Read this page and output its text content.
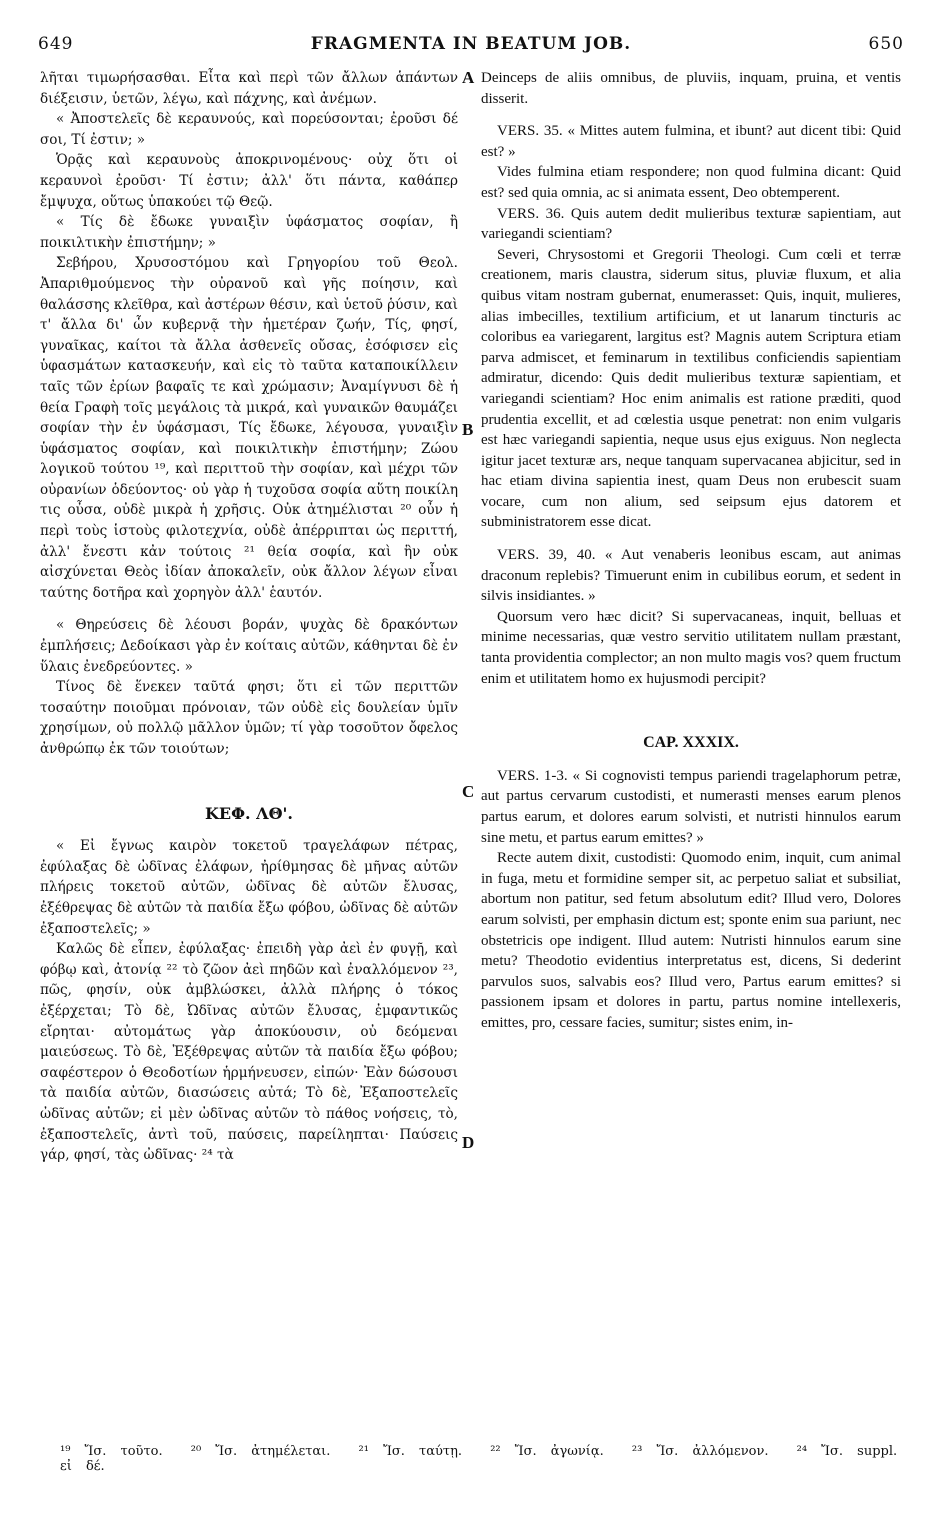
649	FRAGMENTA IN BEATUM JOB.	650
A
B
C
D

λῆται τιμωρήσασθαι. Εἶτα καὶ περὶ τῶν ἄλλων ἁπάντων διέξεισιν, ὑετῶν, λέγω, καὶ πάχνης, καὶ ἀνέμων.

« Ἀποστελεῖς δὲ κεραυνούς, καὶ πορεύσονται; ἐροῦσι δέ σοι, Τί ἐστιν; »

Ὁρᾷς καὶ κεραυνοὺς ἀποκρινομένους· οὐχ ὅτι οἱ κεραυνοὶ ἐροῦσι· Τί ἐστιν; ἀλλ' ὅτι πάντα, καθάπερ ἔμψυχα, οὕτως ὑπακούει τῷ Θεῷ.

« Τίς δὲ ἔδωκε γυναιξὶν ὑφάσματος σοφίαν, ἢ ποικιλτικὴν ἐπιστήμην; »

Σεβήρου, Χρυσοστόμου καὶ Γρηγορίου τοῦ Θεολ. Ἀπαριθμούμενος τὴν οὐρανοῦ καὶ γῆς ποίησιν, καὶ θαλάσσης κλεῖθρα, καὶ ἀστέρων θέσιν, καὶ ὑετοῦ ῥύσιν, καὶ τ' ἄλλα δι' ὧν κυβερνᾷ τὴν ἡμετέραν ζωήν, Τίς, φησί, γυναῖκας, καίτοι τὰ ἄλλα ἀσθενεῖς οὔσας, ἐσόφισεν εἰς ὑφασμάτων κατασκευήν, καὶ εἰς τὸ ταῦτα καταποικίλλειν ταῖς τῶν ἐρίων βαφαῖς τε καὶ χρώμασιν; Ἀναμίγνυσι δὲ ἡ θεία Γραφὴ τοῖς μεγάλοις τὰ μικρά, καὶ γυναικῶν θαυμάζει σοφίαν τὴν ἐν ὑφάσμασι, Τίς ἔδωκε, λέγουσα, γυναιξὶν ὑφάσματος σοφίαν, καὶ ποικιλτικὴν ἐπιστήμην; Ζώου λογικοῦ τούτου ¹⁹, καὶ περιττοῦ τὴν σοφίαν, καὶ μέχρι τῶν οὐρανίων ὁδεύοντος· οὐ γὰρ ἡ τυχοῦσα σοφία αὕτη ποικίλη τις οὖσα, οὐδὲ μικρὰ ἡ χρῆσις. Οὐκ ἀτημέλισται ²⁰ οὖν ἡ περὶ τοὺς ἱστοὺς φιλοτεχνία, οὐδὲ ἀπέρριπται ὡς περιττή, ἀλλ' ἔνεστι κἀν τούτοις ²¹ θεία σοφία, καὶ ἣν οὐκ αἰσχύνεται Θεὸς ἰδίαν ἀποκαλεῖν, οὐκ ἄλλον λέγων εἶναι ταύτης δοτῆρα καὶ χορηγὸν ἀλλ' ἑαυτόν.

« Θηρεύσεις δὲ λέουσι βοράν, ψυχὰς δὲ δρακόντων ἐμπλήσεις; Δεδοίκασι γὰρ ἐν κοίταις αὐτῶν, κάθηνται δὲ ἐν ὕλαις ἐνεδρεύοντες. »

Τίνος δὲ ἕνεκεν ταῦτά φησι; ὅτι εἰ τῶν περιττῶν τοσαύτην ποιοῦμαι πρόνοιαν, τῶν οὐδὲ εἰς δουλείαν ὑμῖν χρησίμων, οὐ πολλῷ μᾶλλον ὑμῶν; τί γὰρ τοσοῦτον ὄφελος ἀνθρώπῳ ἐκ τῶν τοιούτων;

ΚΕΦ. ΛΘ'.

« Εἰ ἔγνως καιρὸν τοκετοῦ τραγελάφων πέτρας, ἐφύλαξας δὲ ὠδῖνας ἐλάφων, ἠρίθμησας δὲ μῆνας αὐτῶν πλήρεις τοκετοῦ αὐτῶν, ὠδῖνας δὲ αὐτῶν ἔλυσας, ἐξέθρεψας δὲ αὐτῶν τὰ παιδία ἔξω φόβου, ὠδῖνας δὲ αὐτῶν ἐξαποστελεῖς; »

Καλῶς δὲ εἶπεν, ἐφύλαξας· ἐπειδὴ γὰρ ἀεὶ ἐν φυγῇ, καὶ φόβῳ καὶ, ἀτονίᾳ ²² τὸ ζῶον ἀεὶ πηδῶν καὶ ἐναλλόμενον ²³, πῶς, φησίν, οὐκ ἀμβλώσκει, ἀλλὰ πλήρης ὁ τόκος ἐξέρχεται; Τὸ δὲ, Ὠδῖνας αὐτῶν ἔλυσας, ἐμφαντικῶς εἴρηται· αὐτομάτως γὰρ ἀποκύουσιν, οὐ δεόμεναι μαιεύσεως. Τὸ δὲ, Ἐξέθρεψας αὐτῶν τὰ παιδία ἔξω φόβου; σαφέστερον ὁ Θεοδοτίων ἡρμήνευσεν, εἰπών· Ἐὰν δώσουσι τὰ παιδία αὐτῶν, διασώσεις αὐτά; Τὸ δὲ, Ἐξαποστελεῖς ὠδῖνας αὐτῶν; εἰ μὲν ὠδῖνας αὐτῶν τὸ πάθος νοήσεις, τὸ, ἐξαποστελεῖς, ἀντὶ τοῦ, παύσεις, παρείληπται· Παύσεις γάρ, φησί, τὰς ὠδῖνας· ²⁴ τὰ

Deinceps de aliis omnibus, de pluviis, inquam, pruina, et ventis disserit.

VERS. 35. « Mittes autem fulmina, et ibunt? aut dicent tibi: Quid est? »

Vides fulmina etiam respondere; non quod fulmina dicant: Quid est? sed quia omnia, ac si animata essent, Deo obtemperent.

VERS. 36. Quis autem dedit mulieribus texturæ sapientiam, aut variegandi scientiam?

Severi, Chrysostomi et Gregorii Theologi. Cum cœli et terræ creationem, maris claustra, siderum situs, pluviæ fluxum, et alia quibus vitam nostram gubernat, enumerasset: Quis, inquit, mulieres, alias imbecilles, textilium artificium, et ut lanarum tincturis ac coloribus ea variegarent, largitus est? Magnis autem Scriptura etiam parva admiscet, et feminarum in textilibus conficiendis sapientiam admiratur, dicendo: Quis dedit mulieribus texturæ sapientiam, et variegandi scientiam? Hoc enim animalis est ratione præditi, quod prudentia excellit, et ad cœlestia usque penetrat: non enim vulgaris est hæc variegandi sapientia, neque usus ejus exiguus. Non neglecta igitur jacet texturæ ars, neque tanquam supervacanea abjicitur, sed in hac etiam divina sapientia inest, quam Deus non erubescit suam vocare, cum non alium, sed seipsum ejus datorem et subministratorem esse dicat.

VERS. 39, 40. « Aut venaberis leonibus escam, aut animas draconum replebis? Timuerunt enim in cubilibus eorum, et sedent in silvis insidiantes. »

Quorsum vero hæc dicit? Si supervacaneas, inquit, belluas et minime necessarias, quæ vestro servitio utilitatem nullam præstant, tanta providentia complector; an non multo magis vos? quem fructum enim et utilitatem homo ex hujusmodi percipit?

CAP. XXXIX.

VERS. 1-3. « Si cognovisti tempus pariendi tragelaphorum petræ, aut partus cervarum custodisti, et numerasti menses earum plenos partus earum, et dolores earum solvisti, et nutristi hinnulos earum sine metu, et partus earum emittes? »

Recte autem dixit, custodisti: Quomodo enim, inquit, cum animal in fuga, metu et formidine semper sit, ac perpetuo saliat et subsiliat, abortum non patitur, sed fetum absolutum edit? Illud vero, Dolores earum solvisti, per emphasin dictum est; sponte enim sua pariunt, nec obstetricis ope indigent. Illud autem: Nutristi hinnulos earum sine metu? Theodotio evidentius interpretatus est, dicens, Si dederint parvulos suos, salvabis eos? Illud vero, Partus earum emittes? si passionem ipsam et dolores in partu, partus nomine intellexeris, emittes, pro, cessare facies, sumitur; sistes enim, in-

¹⁹ Ἴσ. τοῦτο. ²⁰ Ἴσ. ἀτημέλεται. ²¹ Ἴσ. ταύτῃ. ²² Ἴσ. ἀγωνίᾳ. ²³ Ἴσ. ἀλλόμενον. ²⁴ Ἴσ. suppl. εἰ δέ.
